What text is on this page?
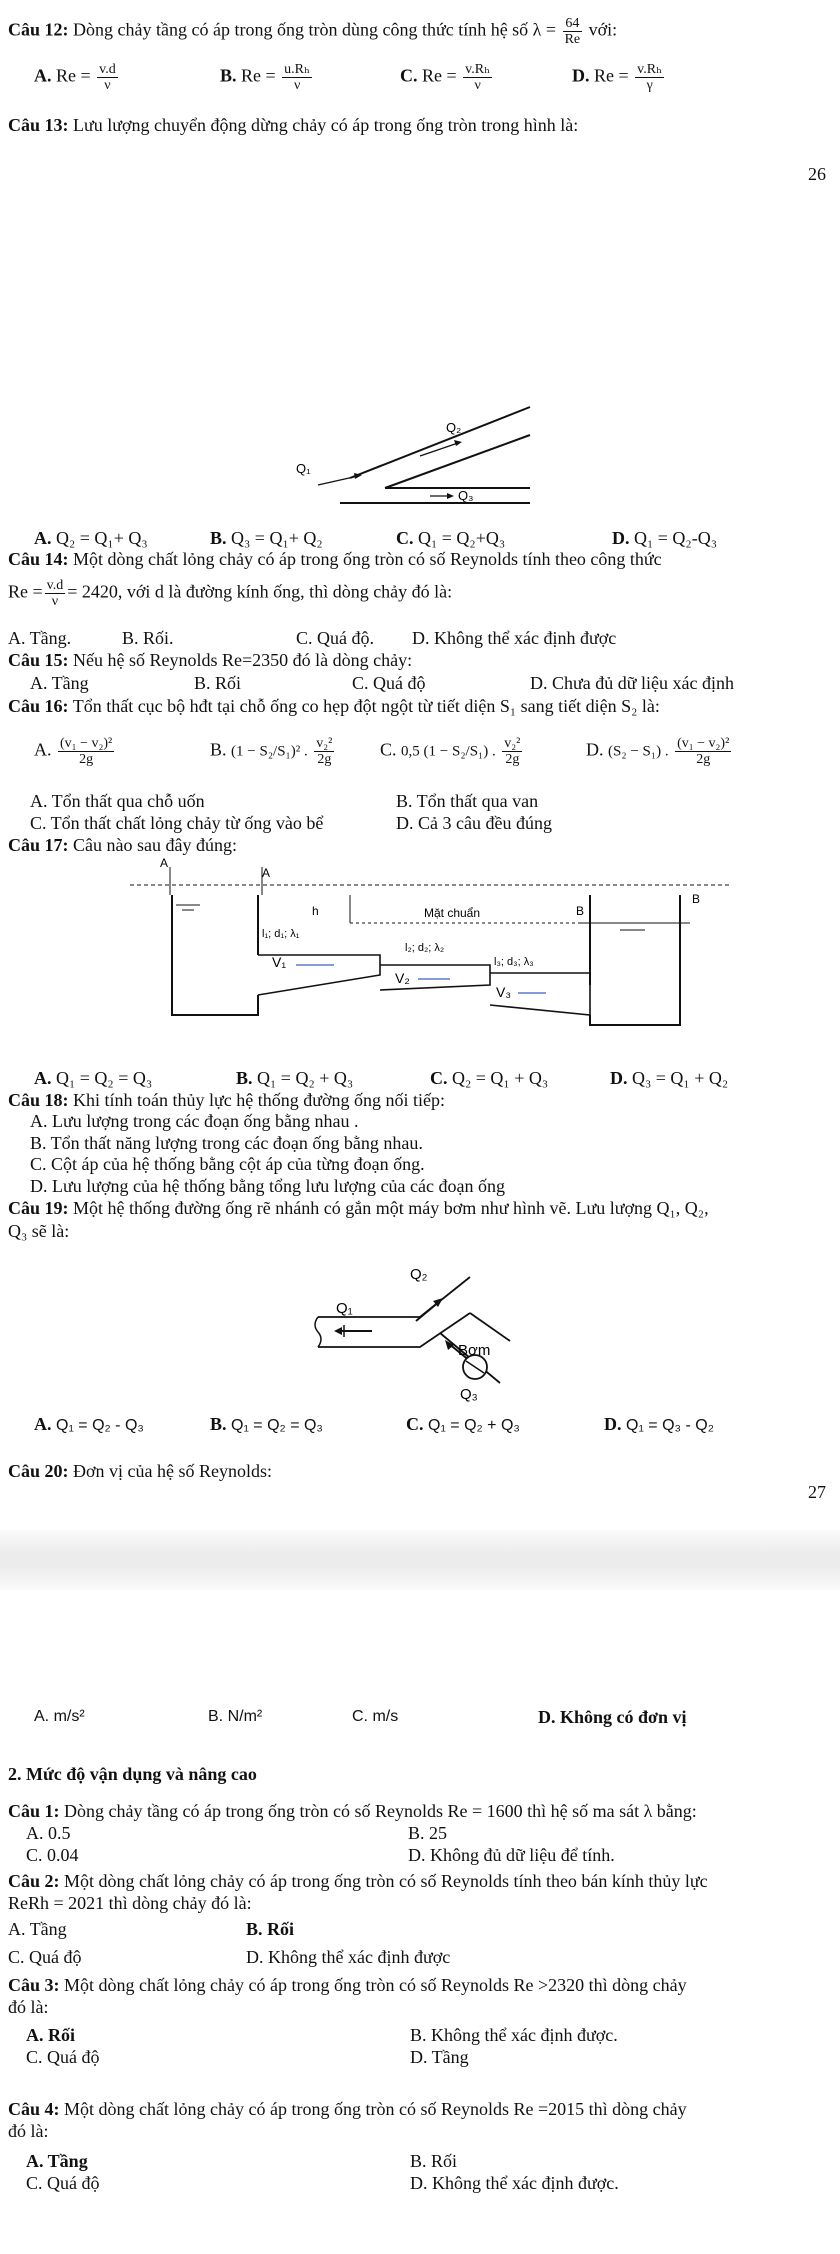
Câu 12: Dòng chảy tầng có áp trong ống tròn dùng công thức tính hệ số $\lambda = \frac{64}{Re}$ với:
A. $Re = \frac{v.d}{\nu}$	B. $Re = \frac{\text{u.Rₕ}}{\nu}$	C. $Re = \frac{\text{v.Rₕ}}{\nu}$	D. $Re = \frac{\text{v.Rₕ}}{\gamma}$
Câu 13: Lưu lượng chuyển động dừng chảy có áp trong ống tròn trong hình là:
26
Q₁
Q₂
Q₃
A. Q₂ = Q₁+ Q₃	B. Q₃ = Q₁+ Q₂	C. Q₁ = Q₂+Q₃	D. Q₁ = Q₂-Q₃
Câu 14: Một dòng chất lỏng chảy có áp trong ống tròn có số Reynolds tính theo công thức
$Re = \frac{v.d}{\nu} = 2420$, với d là đường kính ống, thì dòng chảy đó là:
A. Tầng.	B. Rối.	C. Quá độ. D. Không thể xác định được
Câu 15: Nếu hệ số Reynolds Re=2350 đó là dòng chảy:
A. Tầng	B. Rối	C. Quá độ	D. Chưa đủ dữ liệu xác định
Câu 16: Tổn thất cục bộ hđt tại chỗ ống co hẹp đột ngột từ tiết diện S₁ sang tiết diện S₂ là:
A. $\frac{\text{(v₁ − v₂)²}}{2g}$	B. (1 − S₂/S₁)² . $\frac{\text{v₂²}}{2g}$	C. 0,5 (1 − S₂/S₁) . $\frac{\text{v₂²}}{2g}$	D. (S₂ − S₁) . $\frac{\text{(v₁ − v₂)²}}{2g}$
A. Tổn thất qua chỗ uốn	B. Tổn thất qua van
C. Tổn thất chất lỏng chảy từ ống vào bể	D. Cả 3 câu đều đúng
Câu 17: Câu nào sau đây đúng:
A
A
h	Mặt chuẩn	B
B
l₁; d₁; λ₁
l₂; d₂; λ₂
l₃; d₃; λ₃
V₁
V₂
V₃
A. Q₁ = Q₂ = Q₃	B. Q₁ = Q₂ + Q₃	C. Q₂ = Q₁ + Q₃	D. Q₃ = Q₁ + Q₂
Câu 18: Khi tính toán thủy lực hệ thống đường ống nối tiếp:
A. Lưu lượng trong các đoạn ống bằng nhau .
B. Tổn thất năng lượng trong các đoạn ống bằng nhau.
C. Cột áp của hệ thống bằng cột áp của từng đoạn ống.
D. Lưu lượng của hệ thống bằng tổng lưu lượng của các đoạn ống
Câu 19: Một hệ thống đường ống rẽ nhánh có gắn một máy bơm như hình vẽ. Lưu lượng Q₁, Q₂,
Q₃ sẽ là:
Q₁
Q₂
Q₃
Bơm
A. Q₁ = Q₂ - Q₃	B. Q₁ = Q₂ = Q₃	C. Q₁ = Q₂ + Q₃	D. Q₁ = Q₃ - Q₂
Câu 20: Đơn vị của hệ số Reynolds:
27
A. m/s²	B. N/m²	C. m/s	D. Không có đơn vị
2. Mức độ vận dụng và nâng cao
Câu 1: Dòng chảy tầng có áp trong ống tròn có số Reynolds Re = 1600 thì hệ số ma sát λ bằng:
A. 0.5	B. 25
C. 0.04	D. Không đủ dữ liệu để tính.
Câu 2: Một dòng chất lỏng chảy có áp trong ống tròn có số Reynolds tính theo bán kính thủy lực
ReRh = 2021 thì dòng chảy đó là:
A. Tầng	B. Rối
C. Quá độ	D. Không thể xác định được
Câu 3: Một dòng chất lỏng chảy có áp trong ống tròn có số Reynolds Re >2320 thì dòng chảy
đó là:
A. Rối	B. Không thể xác định được.
C. Quá độ	D. Tầng
Câu 4: Một dòng chất lỏng chảy có áp trong ống tròn có số Reynolds Re =2015 thì dòng chảy
đó là:
A. Tầng	B. Rối
C. Quá độ	D. Không thể xác định được.
